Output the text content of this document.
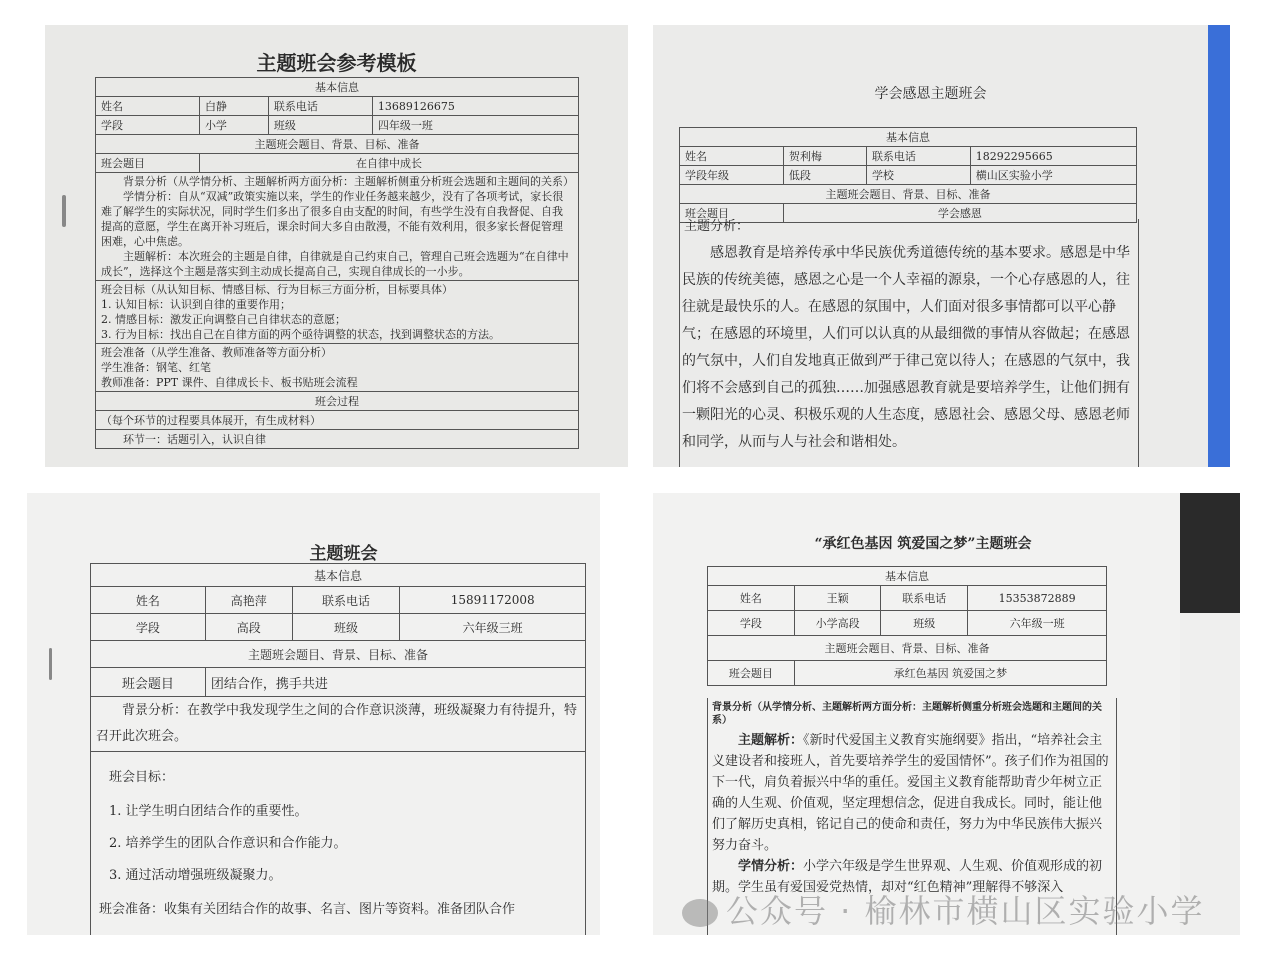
主题班会参考模板
基本信息			
姓名	白静	联系电话	13689126675
学段	小学	班级	四年级一班
主题班会题目、背景、目标、准备			
班会题目	在自律中成长		

背景分析（从学情分析、主题解析两方面分析：主题解析侧重分析班会选题和主题间的关系）

学情分析：自从“双减”政策实施以来，学生的作业任务越来越少，没有了各项考试，家长很难了解学生的实际状况，同时学生们多出了很多自由支配的时间，有些学生没有自我督促、自我提高的意愿，学生在离开补习班后，课余时间大多自由散漫，不能有效利用，很多家长督促管理困难，心中焦虑。

主题解析：本次班会的主题是自律，自律就是自己约束自己，管理自己班会选题为“在自律中成长”，选择这个主题是落实到主动成长提高自己，实现自律成长的一小步。			

班会目标（从认知目标、情感目标、行为目标三方面分析，目标要具体）

1. 认知目标：认识到自律的重要作用；

2. 情感目标：激发正向调整自己自律状态的意愿；

3. 行为目标：找出自己在自律方面的两个亟待调整的状态，找到调整状态的方法。			

班会准备（从学生准备、教师准备等方面分析）

学生准备：钢笔、红笔

教师准备：PPT 课件、自律成长卡、板书贴班会流程			

班会过程			
（每个环节的过程要具体展开，有生成材料）			
环节一：话题引入，认识自律			
学会感恩主题班会
基本信息			
姓名	贺利梅	联系电话	18292295665
学段年级	低段	学校	横山区实验小学
主题班会题目、背景、目标、准备			
班会题目	学会感恩		

主题分析：

感恩教育是培养传承中华民族优秀道德传统的基本要求。感恩是中华民族的传统美德，感恩之心是一个人幸福的源泉，一个心存感恩的人，往往就是最快乐的人。在感恩的氛围中，人们面对很多事情都可以平心静气；在感恩的环境里，人们可以认真的从最细微的事情从容做起；在感恩的气氛中，人们自发地真正做到严于律己宽以待人；在感恩的气氛中，我们将不会感到自己的孤独……加强感恩教育就是要培养学生，让他们拥有一颗阳光的心灵、积极乐观的人生态度，感恩社会、感恩父母、感恩老师和同学，从而与人与社会和谐相处。

主题班会
基本信息			
姓名	高艳萍	联系电话	15891172008
学段	高段	班级	六年级三班
主题班会题目、背景、目标、准备			
班会题目	团结合作，携手共进		

背景分析：在教学中我发现学生之间的合作意识淡薄，班级凝聚力有待提升，特召开此次班会。			

班会目标：

1. 让学生明白团结合作的重要性。

2. 培养学生的团队合作意识和合作能力。

3. 通过活动增强班级凝聚力。

班会准备：收集有关团结合作的故事、名言、图片等资料。准备团队合作			

“承红色基因 筑爱国之梦”主题班会
基本信息			
姓名	王颖	联系电话	15353872889
学段	小学高段	班级	六年级一班
主题班会题目、背景、目标、准备			
班会题目	承红色基因 筑爱国之梦		

背景分析（从学情分析、主题解析两方面分析：主题解析侧重分析班会选题和主题间的关系）

主题解析：《新时代爱国主义教育实施纲要》指出，“培养社会主义建设者和接班人，首先要培养学生的爱国情怀”。孩子们作为祖国的下一代，肩负着振兴中华的重任。爱国主义教育能帮助青少年树立正确的人生观、价值观，坚定理想信念，促进自我成长。同时，能让他们了解历史真相，铭记自己的使命和责任，努力为中华民族伟大振兴努力奋斗。

学情分析：小学六年级是学生世界观、人生观、价值观形成的初期。学生虽有爱国爱党热情，却对“红色精神”理解得不够深入

公众号 · 榆林市横山区实验小学
